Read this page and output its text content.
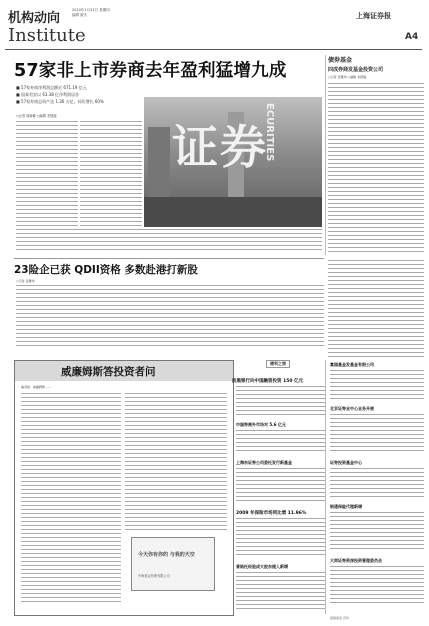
机构动向
2010年1月21日 星期四
编辑 版式
Institute
上海证券报
A4
57家非上市券商去年盈利猛增九成
■ 57家券商净利润总额近 671.19 亿元
■ 国泰君安以 63.38 亿净利润居首
■ 57家券商总资产达 1.36 万亿，同比增长 60%
证券
ECURITIES
○记者 周新娜 ○编辑 龙德福
债券基金
四成券商发基金投资公司
○记者 张雅玮 ○编辑 龙德福
23险企已获 QDII资格 多数赴港打新股
○记者 张雅玮
威廉姆斯答投资者问
编者按：威廉姆斯……
今天你有你的 与我的天空
中海基金管理有限公司
德利之窗
波黑银行向中国融资投资 150 亿元
中国券商外市场对 5.6 亿元
上海东证券公司委托发行新基金
2009 年保险市场同比增 11.96%
普陆托经验成大股东提入新增
富国基金发基金有限公司
北京证券业中心业务开展
证券投资基金中心
银通保险代理新增
大同证券资深投资管理委员会
富国基金 宣传
